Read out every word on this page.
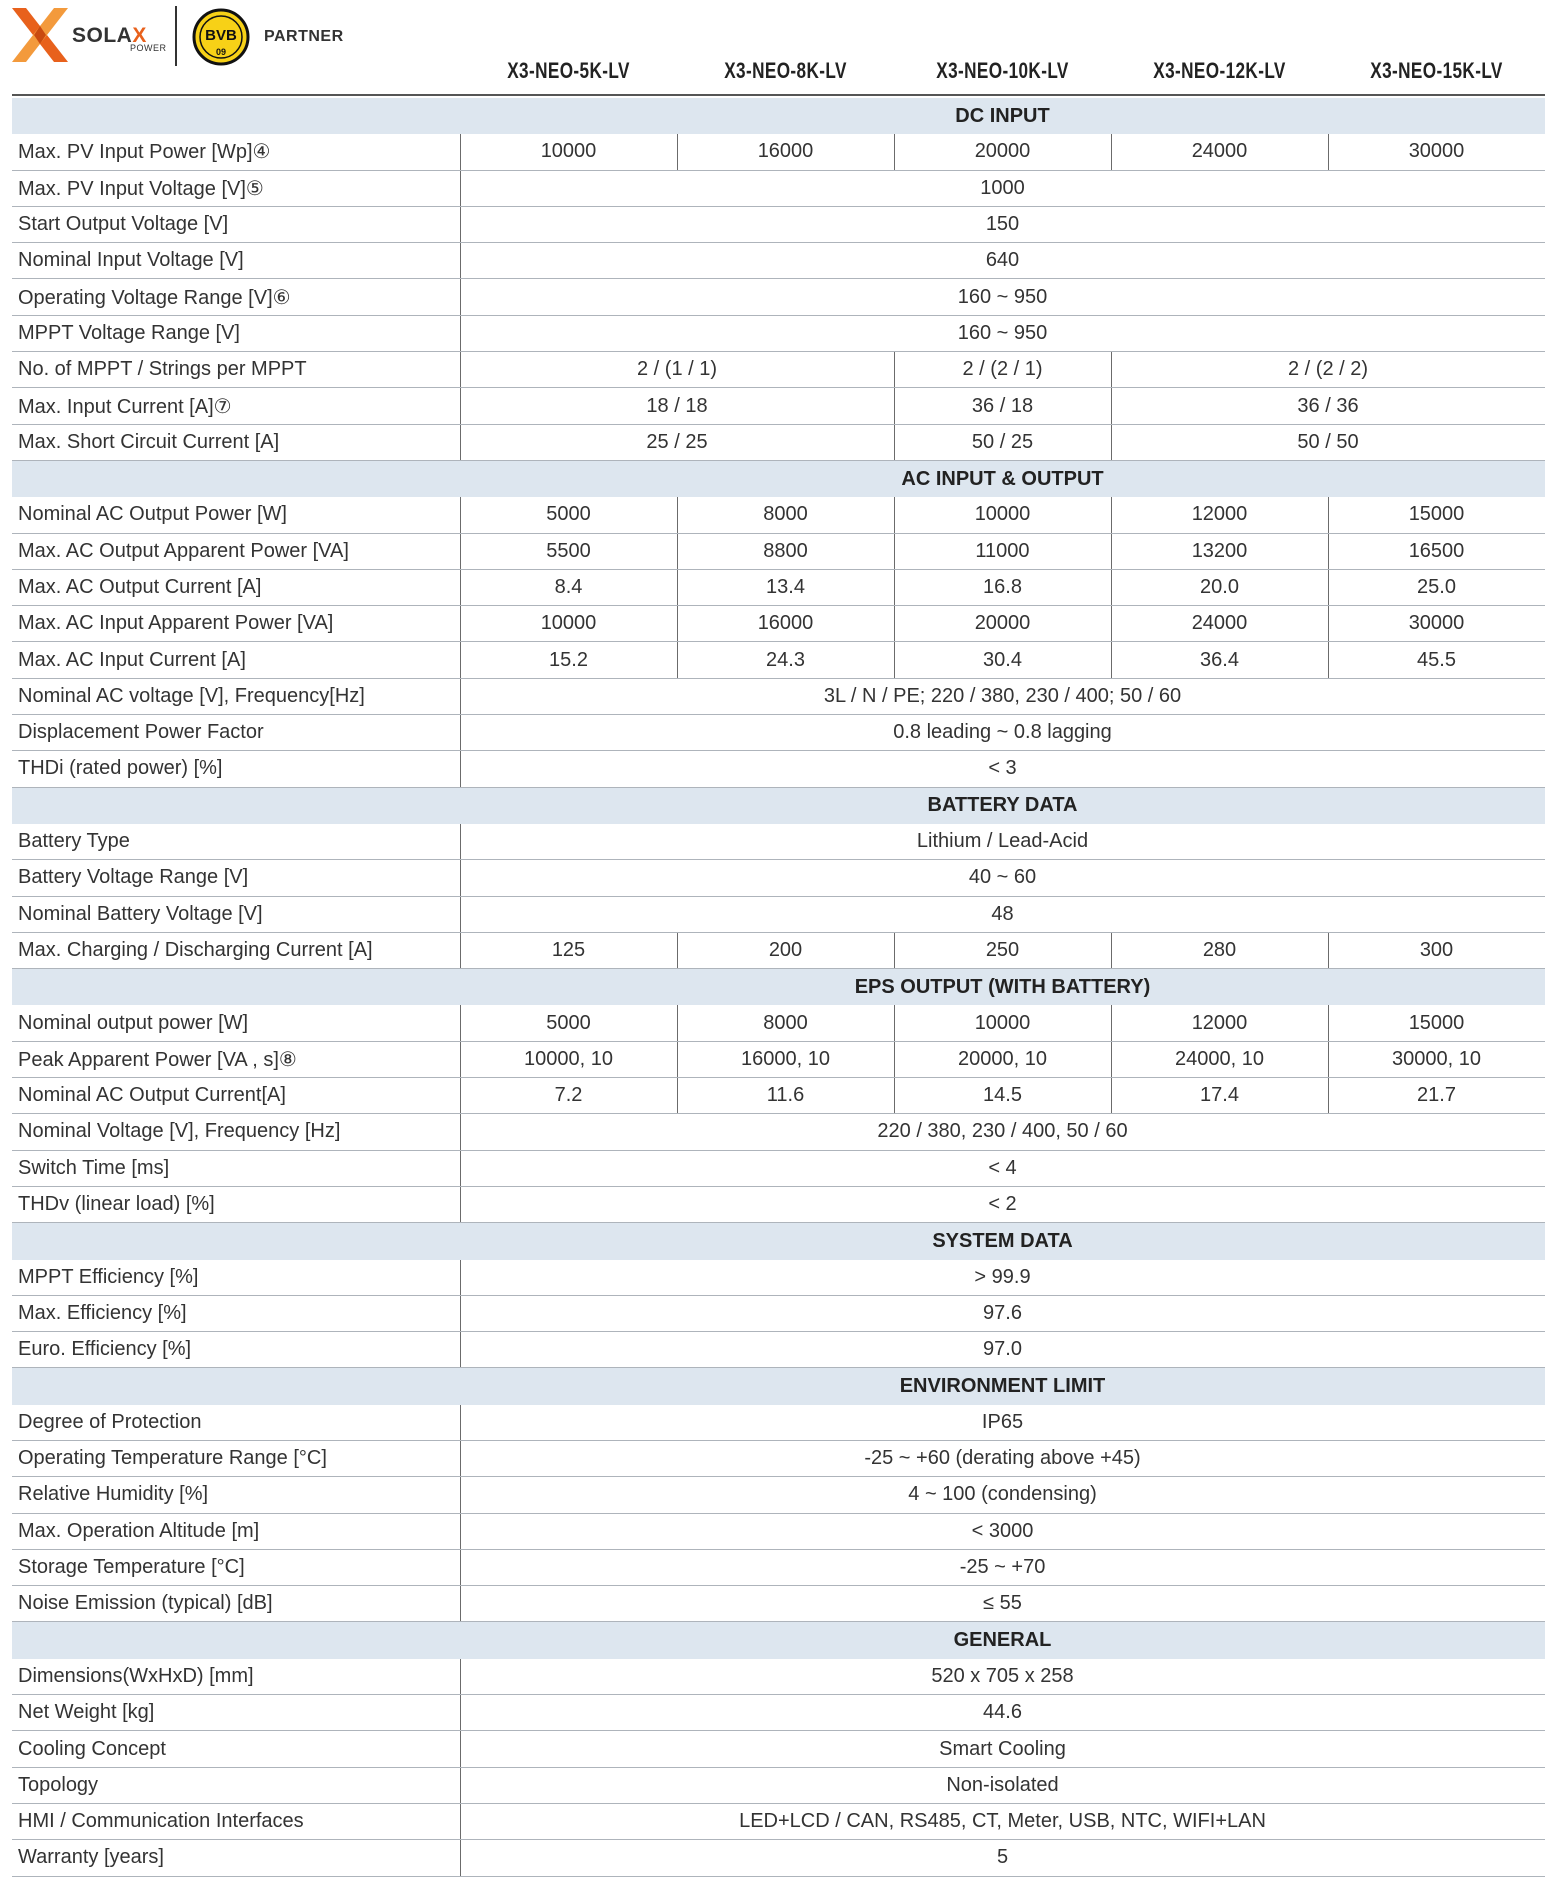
SOLAX
POWER
BVB
09
PARTNER
X3-NEO-5K-LV	X3-NEO-8K-LV	X3-NEO-10K-LV	X3-NEO-12K-LV	X3-NEO-15K-LV
DC INPUT
Max. PV Input Power [Wp]④	10000	16000	20000	24000	30000
Max. PV Input Voltage [V]⑤	1000
Start Output Voltage [V]	150
Nominal Input Voltage [V]	640
Operating Voltage Range [V]⑥	160 ~ 950
MPPT Voltage Range [V]	160 ~ 950
No. of MPPT / Strings per MPPT	2 / (1 / 1)	2 / (2 / 1)	2 / (2 / 2)
Max. Input Current [A]⑦	18 / 18	36 / 18	36 / 36
Max. Short Circuit Current [A]	25 / 25	50 / 25	50 / 50
AC INPUT & OUTPUT
Nominal AC Output Power [W]	5000	8000	10000	12000	15000
Max. AC Output Apparent Power [VA]	5500	8800	11000	13200	16500
Max. AC Output Current [A]	8.4	13.4	16.8	20.0	25.0
Max. AC Input Apparent Power [VA]	10000	16000	20000	24000	30000
Max. AC Input Current [A]	15.2	24.3	30.4	36.4	45.5
Nominal AC voltage [V], Frequency[Hz]	3L / N / PE; 220 / 380, 230 / 400; 50 / 60
Displacement Power Factor	0.8 leading ~ 0.8 lagging
THDi (rated power) [%]	< 3
BATTERY DATA
Battery Type	Lithium / Lead-Acid
Battery Voltage Range [V]	40 ~ 60
Nominal Battery Voltage [V]	48
Max. Charging / Discharging Current [A]	125	200	250	280	300
EPS OUTPUT (WITH BATTERY)
Nominal output power [W]	5000	8000	10000	12000	15000
Peak Apparent Power [VA , s]⑧	10000, 10	16000, 10	20000, 10	24000, 10	30000, 10
Nominal AC Output Current[A]	7.2	11.6	14.5	17.4	21.7
Nominal Voltage [V], Frequency [Hz]	220 / 380, 230 / 400, 50 / 60
Switch Time [ms]	< 4
THDv (linear load) [%]	< 2
SYSTEM DATA
MPPT Efficiency [%]	> 99.9
Max. Efficiency [%]	97.6
Euro. Efficiency [%]	97.0
ENVIRONMENT LIMIT
Degree of Protection	IP65
Operating Temperature Range [°C]	-25 ~ +60 (derating above +45)
Relative Humidity [%]	4 ~ 100 (condensing)
Max. Operation Altitude [m]	< 3000
Storage Temperature [°C]	-25 ~ +70
Noise Emission (typical) [dB]	≤ 55
GENERAL
Dimensions(WxHxD) [mm]	520 x 705 x 258
Net Weight [kg]	44.6
Cooling Concept	Smart Cooling
Topology	Non-isolated
HMI / Communication Interfaces	LED+LCD / CAN, RS485, CT, Meter, USB, NTC, WIFI+LAN
Warranty [years]	5
